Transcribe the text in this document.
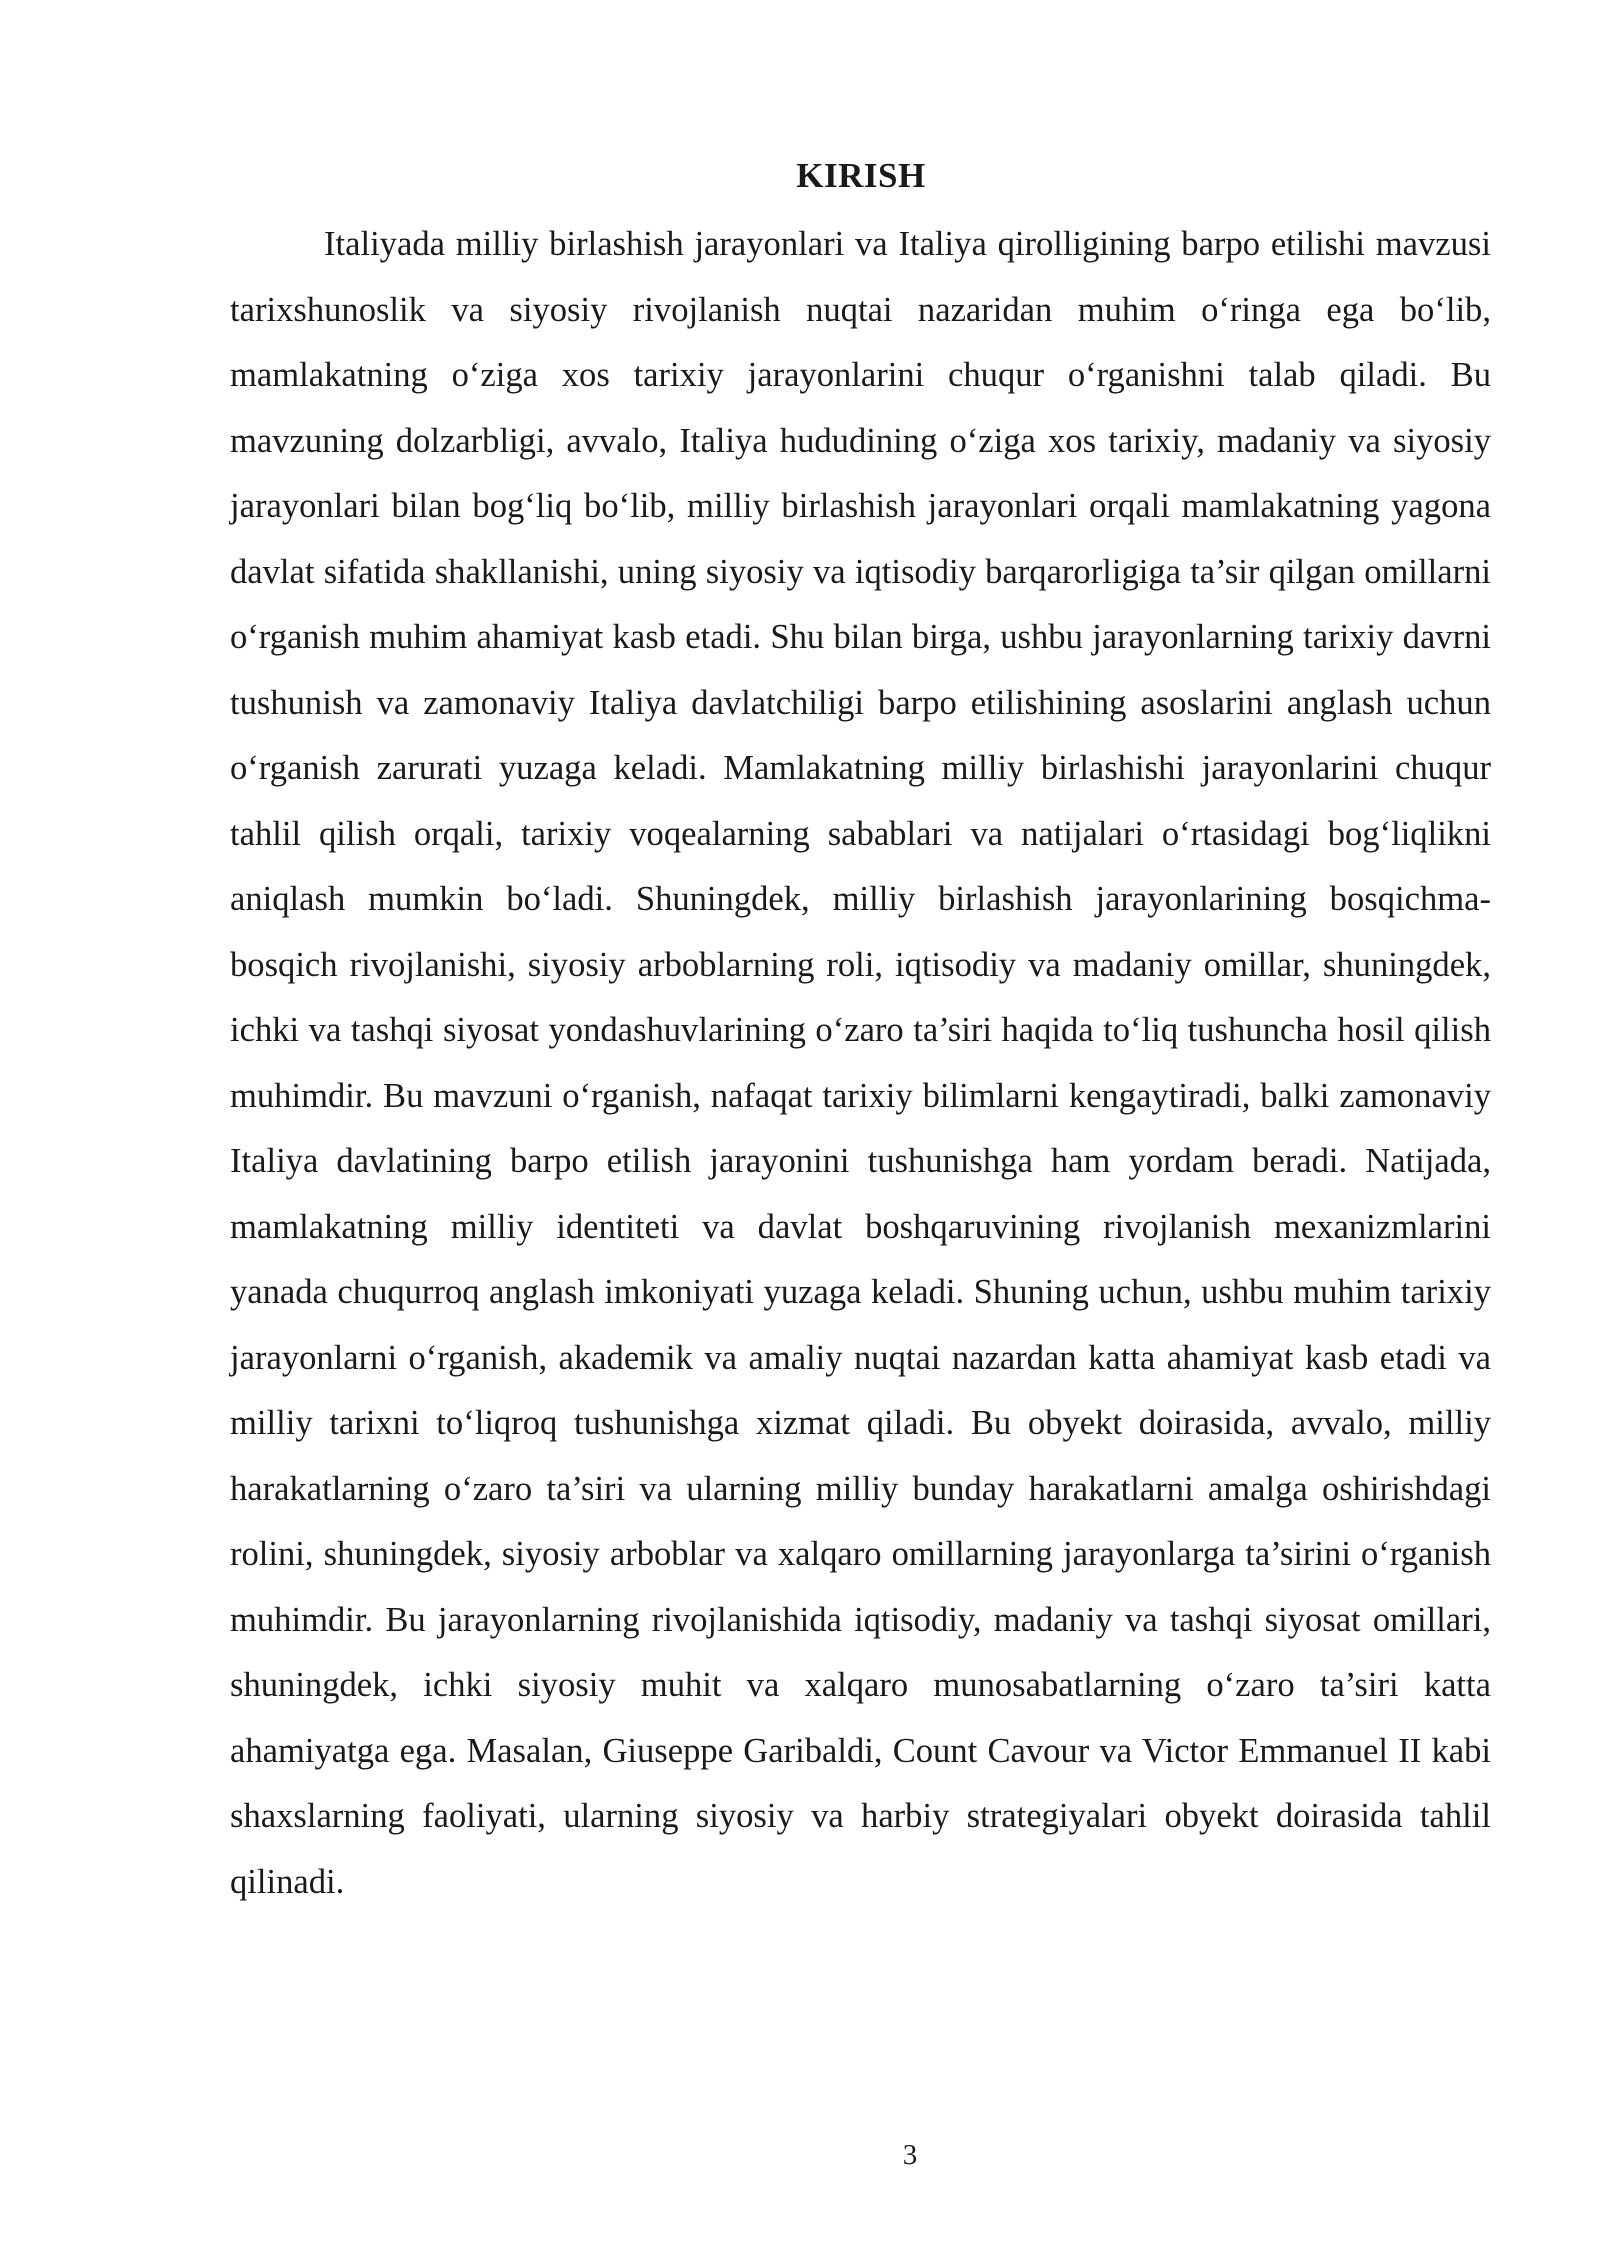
KIRISH

Italiyada milliy birlashish jarayonlari va Italiya qirolligining barpo etilishi mavzusi tarixshunoslik va siyosiy rivojlanish nuqtai nazaridan muhim o‘ringa ega bo‘lib, mamlakatning o‘ziga xos tarixiy jarayonlarini chuqur o‘rganishni talab qiladi. Bu mavzuning dolzarbligi, avvalo, Italiya hududining o‘ziga xos tarixiy, madaniy va siyosiy jarayonlari bilan bog‘liq bo‘lib, milliy birlashish jarayonlari orqali mamlakatning yagona davlat sifatida shakllanishi, uning siyosiy va iqtisodiy barqarorligiga ta’sir qilgan omillarni o‘rganish muhim ahamiyat kasb etadi. Shu bilan birga, ushbu jarayonlarning tarixiy davrni tushunish va zamonaviy Italiya davlatchiligi barpo etilishining asoslarini anglash uchun o‘rganish zarurati yuzaga keladi. Mamlakatning milliy birlashishi jarayonlarini chuqur tahlil qilish orqali, tarixiy voqealarning sabablari va natijalari o‘rtasidagi bog‘liqlikni aniqlash mumkin bo‘ladi. Shuningdek, milliy birlashish jarayonlarining bosqichma-bosqich rivojlanishi, siyosiy arboblarning roli, iqtisodiy va madaniy omillar, shuningdek, ichki va tashqi siyosat yondashuvlarining o‘zaro ta’siri haqida to‘liq tushuncha hosil qilish muhimdir. Bu mavzuni o‘rganish, nafaqat tarixiy bilimlarni kengaytiradi, balki zamonaviy Italiya davlatining barpo etilish jarayonini tushunishga ham yordam beradi. Natijada, mamlakatning milliy identiteti va davlat boshqaruvining rivojlanish mexanizmlarini yanada chuqurroq anglash imkoniyati yuzaga keladi. Shuning uchun, ushbu muhim tarixiy jarayonlarni o‘rganish, akademik va amaliy nuqtai nazardan katta ahamiyat kasb etadi va milliy tarixni to‘liqroq tushunishga xizmat qiladi. Bu obyekt doirasida, avvalo, milliy harakatlarning o‘zaro ta’siri va ularning milliy bunday harakatlarni amalga oshirishdagi rolini, shuningdek, siyosiy arboblar va xalqaro omillarning jarayonlarga ta’sirini o‘rganish muhimdir. Bu jarayonlarning rivojlanishida iqtisodiy, madaniy va tashqi siyosat omillari, shuningdek, ichki siyosiy muhit va xalqaro munosabatlarning o‘zaro ta’siri katta ahamiyatga ega. Masalan, Giuseppe Garibaldi, Count Cavour va Victor Emmanuel II kabi shaxslarning faoliyati, ularning siyosiy va harbiy strategiyalari obyekt doirasida tahlil qilinadi.

3
